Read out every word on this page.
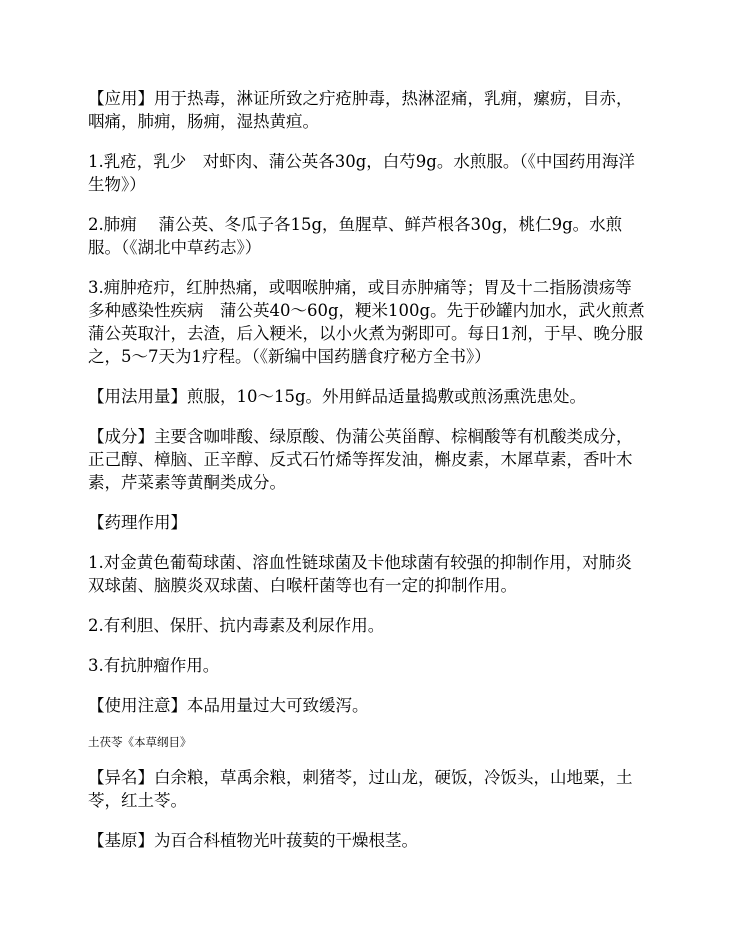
【应用】用于热毒，淋证所致之疔疮肿毒，热淋涩痛，乳痈，瘰疬，目赤，咽痛，肺痈，肠痈，湿热黄疸。

1.乳疮，乳少　对虾肉、蒲公英各30g，白芍9g。水煎服。（《中国药用海洋生物》）

2.肺痈　 蒲公英、冬瓜子各15g，鱼腥草、鲜芦根各30g，桃仁9g。水煎服。（《湖北中草药志》）

3.痈肿疮疖，红肿热痛，或咽喉肿痛，或目赤肿痛等；胃及十二指肠溃疡等多种感染性疾病　蒲公英40～60g，粳米100g。先于砂罐内加水，武火煎煮蒲公英取汁，去渣，后入粳米，以小火煮为粥即可。每日1剂，于早、晚分服之，5～7天为1疗程。（《新编中国药膳食疗秘方全书》）

【用法用量】煎服，10～15g。外用鲜品适量捣敷或煎汤熏洗患处。

【成分】主要含咖啡酸、绿原酸、伪蒲公英甾醇、棕榈酸等有机酸类成分，正己醇、樟脑、正辛醇、反式石竹烯等挥发油，槲皮素，木犀草素，香叶木素，芹菜素等黄酮类成分。

【药理作用】

1.对金黄色葡萄球菌、溶血性链球菌及卡他球菌有较强的抑制作用，对肺炎双球菌、脑膜炎双球菌、白喉杆菌等也有一定的抑制作用。

2.有利胆、保肝、抗内毒素及利尿作用。

3.有抗肿瘤作用。

【使用注意】本品用量过大可致缓泻。

土茯苓《本草纲目》

【异名】白余粮，草禹余粮，刺猪苓，过山龙，硬饭，冷饭头，山地粟，土苓，红土苓。

【基原】为百合科植物光叶菝葜的干燥根茎。
